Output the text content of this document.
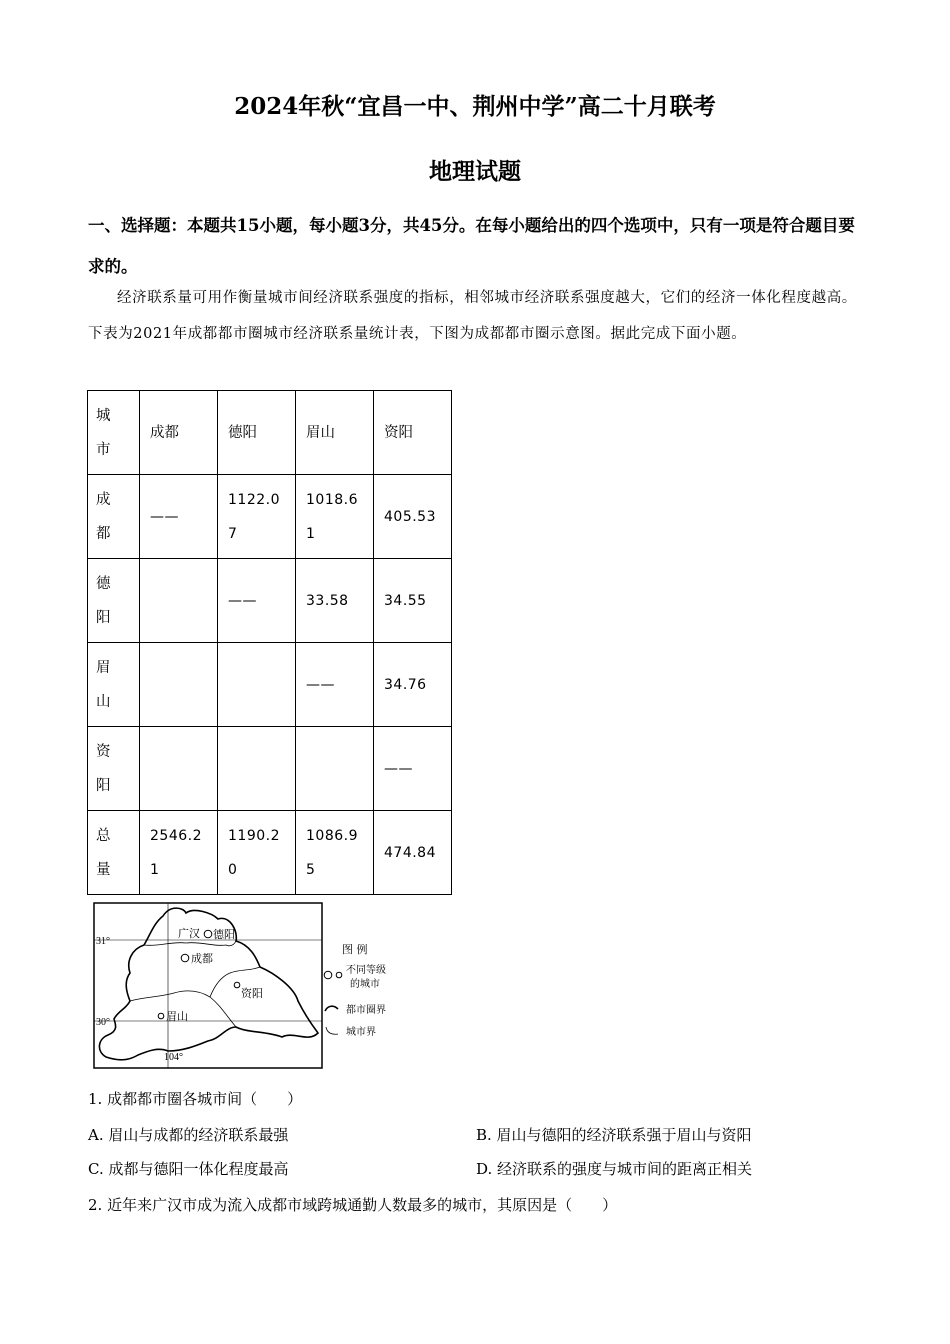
2024年秋“宜昌一中、荆州中学”高二十月联考
地理试题
一、选择题：本题共15小题，每小题3分，共45分。在每小题给出的四个选项中，只有一项是符合题目要求的。
经济联系量可用作衡量城市间经济联系强度的指标，相邻城市经济联系强度越大，它们的经济一体化程度越高。下表为2021年成都都市圈城市经济联系量统计表，下图为成都都市圈示意图。据此完成下面小题。
城
市	成都	德阳	眉山	资阳

成
都	——	1122.07	1018.61	405.53

德
阳		——	33.58	34.55

眉
山			——	34.76

资
阳				——

总
量	2546.21	1190.20	1086.95	474.84
31°
30°
104°
广汉 德阳
成都
资阳
眉山
图 例
不同等级
的城市
都市圈界
城市界
1. 成都都市圈各城市间（　　）
A. 眉山与成都的经济联系最强	B. 眉山与德阳的经济联系强于眉山与资阳
C. 成都与德阳一体化程度最高	D. 经济联系的强度与城市间的距离正相关
2. 近年来广汉市成为流入成都市域跨城通勤人数最多的城市，其原因是（　　）
